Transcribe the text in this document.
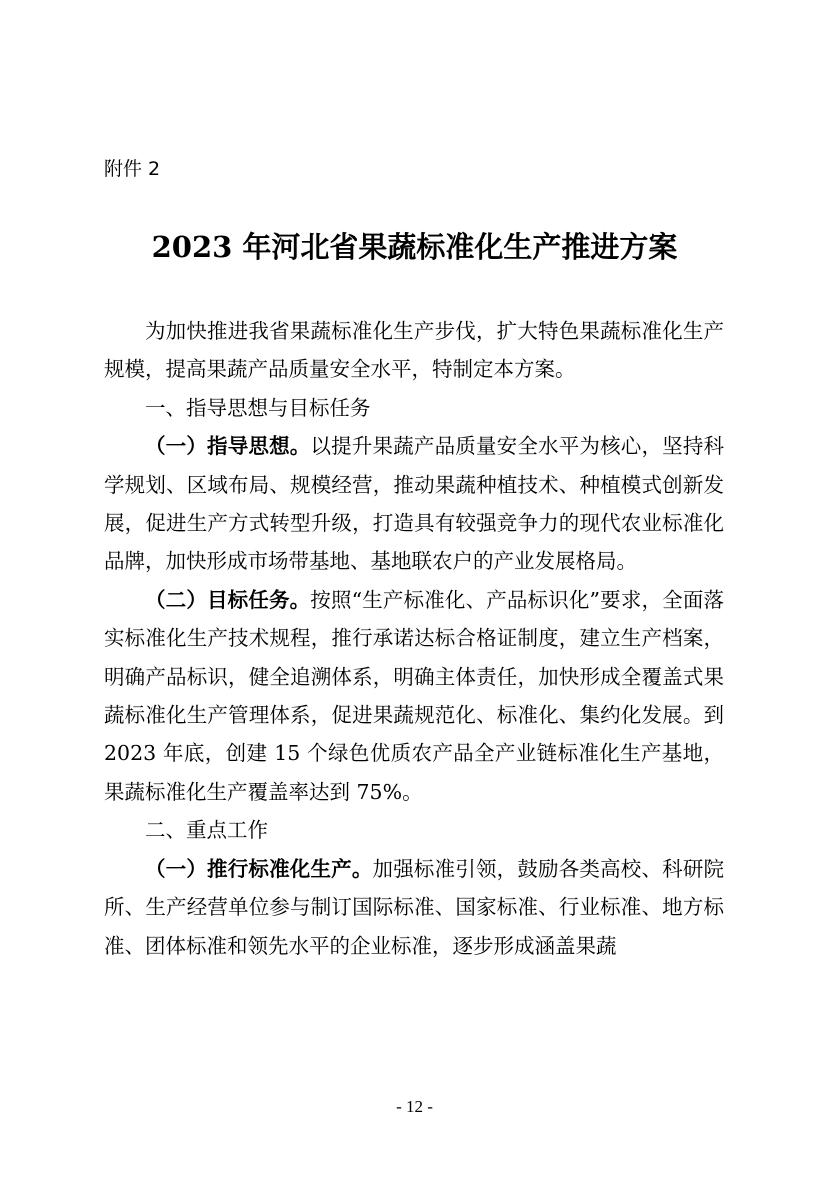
附件 2
2023 年河北省果蔬标准化生产推进方案

为加快推进我省果蔬标准化生产步伐，扩大特色果蔬标准化生产规模，提高果蔬产品质量安全水平，特制定本方案。

一、指导思想与目标任务

（一）指导思想。以提升果蔬产品质量安全水平为核心，坚持科学规划、区域布局、规模经营，推动果蔬种植技术、种植模式创新发展，促进生产方式转型升级，打造具有较强竞争力的现代农业标准化品牌，加快形成市场带基地、基地联农户的产业发展格局。

（二）目标任务。按照“生产标准化、产品标识化”要求，全面落实标准化生产技术规程，推行承诺达标合格证制度，建立生产档案，明确产品标识，健全追溯体系，明确主体责任，加快形成全覆盖式果蔬标准化生产管理体系，促进果蔬规范化、标准化、集约化发展。到 2023 年底，创建 15 个绿色优质农产品全产业链标准化生产基地，果蔬标准化生产覆盖率达到 75%。

二、重点工作

（一）推行标准化生产。加强标准引领，鼓励各类高校、科研院所、生产经营单位参与制订国际标准、国家标准、行业标准、地方标准、团体标准和领先水平的企业标准，逐步形成涵盖果蔬

- 12 -
